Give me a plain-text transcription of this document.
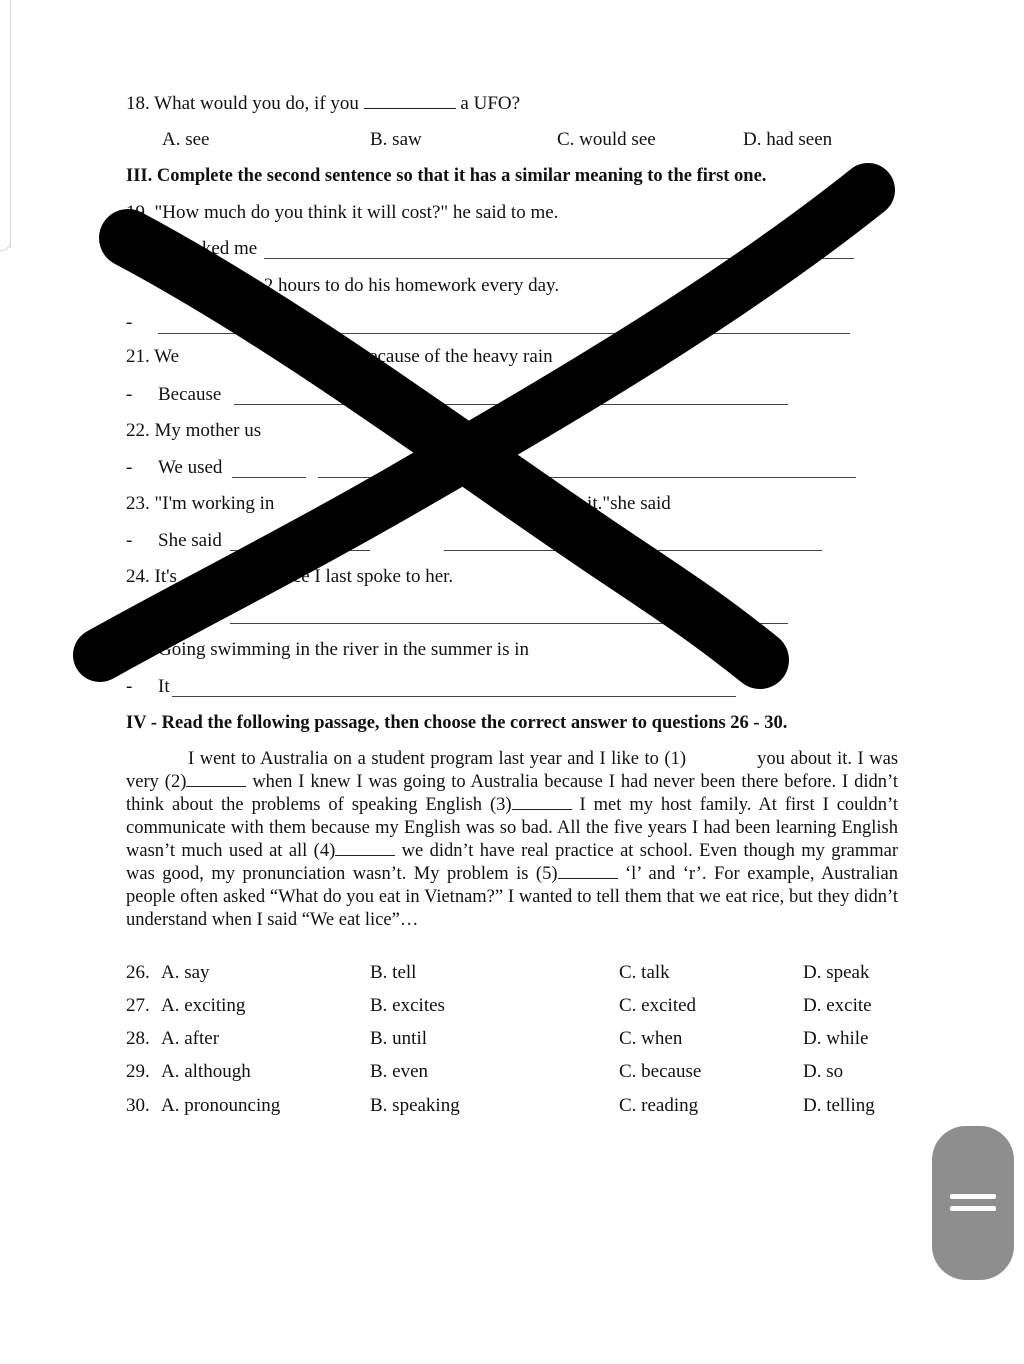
18. What would you do, if you	a UFO?
A. see	B. saw	C. would see	D. had seen
III. Complete the second sentence so that it has a similar meaning to the first one.
19. "How much do you think it will cost?" he said to me.
asked me
gh 2 hours to do his homework every day.
-
21. We	ol because of the heavy rain
- Because
22. My mother us
- We used
23. "I'm working in	e much for it."she said
- She said
24. It's	ince I last spoke to her.
Going swimming in the river in the summer is in
- It
IV - Read the following passage, then choose the correct answer to questions 26 - 30.

I went to Australia on a student program last year and I like to (1)	you about it. I was very (2)	when I knew I was going to Australia because I had never been there before. I didn’t think about the problems of speaking English (3)	I met my host family. At first I couldn’t communicate with them because my English was so bad. All the five years I had been learning English wasn’t much used at all (4)	we didn’t have real practice at school. Even though my grammar was good, my pronunciation wasn’t. My problem is (5)	‘l’ and ‘r’. For example, Australian people often asked “What do you eat in Vietnam?” I wanted to tell them that we eat rice, but they didn’t understand when I said “We eat lice”…

26. A. say	B. tell	C. talk	D. speak
27. A. exciting	B. excites	C. excited	D. excite
28. A. after	B. until	C. when	D. while
29. A. although	B. even	C. because	D. so
30. A. pronouncing	B. speaking	C. reading	D. telling
